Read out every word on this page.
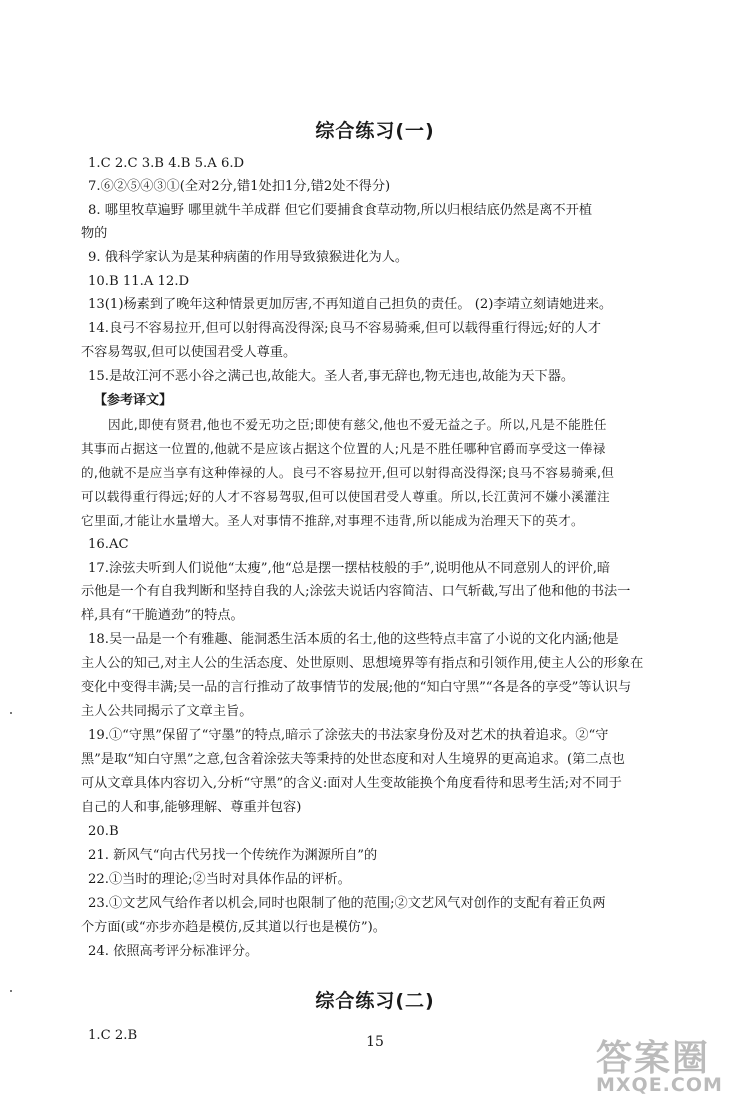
综合练习(一)
1.C 2.C 3.B 4.B 5.A 6.D
7.⑥②⑤④③①(全对2分,错1处扣1分,错2处不得分)
8. 哪里牧草遍野 哪里就牛羊成群 但它们要捕食食草动物,所以归根结底仍然是离不开植
物的
9. 俄科学家认为是某种病菌的作用导致猿猴进化为人。
10.B 11.A 12.D
13(1)杨素到了晚年这种情景更加厉害,不再知道自己担负的责任。 (2)李靖立刻请她进来。
14.良弓不容易拉开,但可以射得高没得深;良马不容易骑乘,但可以载得重行得远;好的人才
不容易驾驭,但可以使国君受人尊重。
15.是故江河不恶小谷之满己也,故能大。圣人者,事无辞也,物无违也,故能为天下器。
【参考译文】
因此,即使有贤君,他也不爱无功之臣;即使有慈父,他也不爱无益之子。所以,凡是不能胜任
其事而占据这一位置的,他就不是应该占据这个位置的人;凡是不胜任哪种官爵而享受这一俸禄
的,他就不是应当享有这种俸禄的人。良弓不容易拉开,但可以射得高没得深;良马不容易骑乘,但
可以载得重行得远;好的人才不容易驾驭,但可以使国君受人尊重。所以,长江黄河不嫌小溪灌注
它里面,才能让水量增大。圣人对事情不推辞,对事理不违背,所以能成为治理天下的英才。
16.AC
17.涂弦夫听到人们说他“太瘦”,他“总是摆一摆枯枝般的手”,说明他从不同意别人的评价,暗
示他是一个有自我判断和坚持自我的人;涂弦夫说话内容简洁、口气斩截,写出了他和他的书法一
样,具有“干脆遒劲”的特点。
18.吴一品是一个有雅趣、能洞悉生活本质的名士,他的这些特点丰富了小说的文化内涵;他是
主人公的知己,对主人公的生活态度、处世原则、思想境界等有指点和引领作用,使主人公的形象在
变化中变得丰满;吴一品的言行推动了故事情节的发展;他的“知白守黑”“各是各的享受”等认识与
主人公共同揭示了文章主旨。
19.①“守黑”保留了“守墨”的特点,暗示了涂弦夫的书法家身份及对艺术的执着追求。②“守
黑”是取“知白守黑”之意,包含着涂弦夫等秉持的处世态度和对人生境界的更高追求。(第二点也
可从文章具体内容切入,分析“守黑”的含义:面对人生变故能换个角度看待和思考生活;对不同于
自己的人和事,能够理解、尊重并包容)
20.B
21. 新风气“向古代另找一个传统作为渊源所自”的
22.①当时的理论;②当时对具体作品的评析。
23.①文艺风气给作者以机会,同时也限制了他的范围;②文艺风气对创作的支配有着正负两
个方面(或“亦步亦趋是模仿,反其道以行也是模仿”)。
24. 依照高考评分标准评分。
综合练习(二)
1.C 2.B	15	答案圈
MXQE.COM
